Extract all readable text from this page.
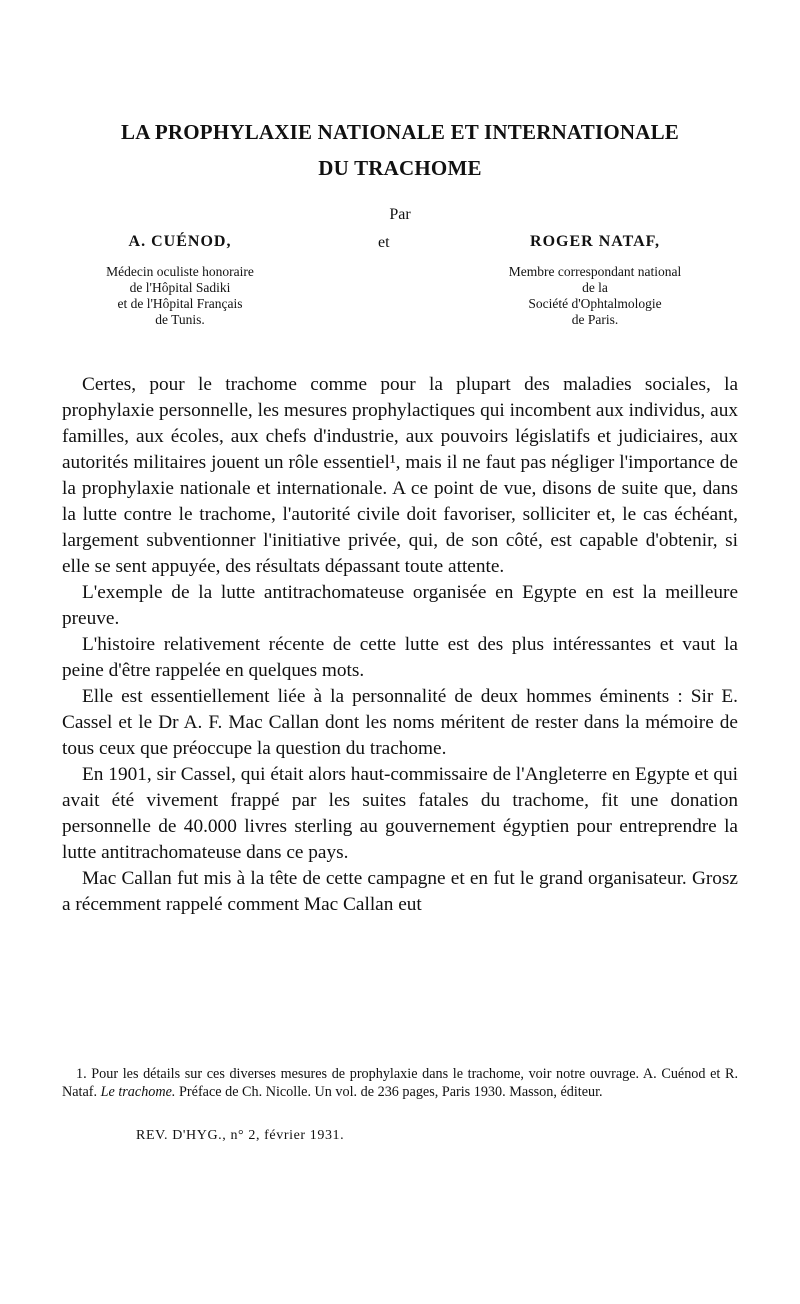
LA PROPHYLAXIE NATIONALE ET INTERNATIONALE
DU TRACHOME
Par
A. CUÉNOD,
Médecin oculiste honoraire
de l'Hôpital Sadiki
et de l'Hôpital Français
de Tunis.
et	ROGER NATAF,
Membre correspondant national
de la
Société d'Ophtalmologie
de Paris.

Certes, pour le trachome comme pour la plupart des maladies sociales, la prophylaxie personnelle, les mesures prophylactiques qui incombent aux individus, aux familles, aux écoles, aux chefs d'industrie, aux pouvoirs législatifs et judiciaires, aux autorités militaires jouent un rôle essentiel¹, mais il ne faut pas négliger l'importance de la prophylaxie nationale et internationale. A ce point de vue, disons de suite que, dans la lutte contre le trachome, l'autorité civile doit favoriser, solliciter et, le cas échéant, largement subventionner l'initiative privée, qui, de son côté, est capable d'obtenir, si elle se sent appuyée, des résultats dépassant toute attente.

L'exemple de la lutte antitrachomateuse organisée en Egypte en est la meilleure preuve.

L'histoire relativement récente de cette lutte est des plus intéressantes et vaut la peine d'être rappelée en quelques mots.

Elle est essentiellement liée à la personnalité de deux hommes éminents : Sir E. Cassel et le Dr A. F. Mac Callan dont les noms méritent de rester dans la mémoire de tous ceux que préoccupe la question du trachome.

En 1901, sir Cassel, qui était alors haut-commissaire de l'Angleterre en Egypte et qui avait été vivement frappé par les suites fatales du trachome, fit une donation personnelle de 40.000 livres sterling au gouvernement égyptien pour entreprendre la lutte antitrachomateuse dans ce pays.

Mac Callan fut mis à la tête de cette campagne et en fut le grand organisateur. Grosz a récemment rappelé comment Mac Callan eut

1. Pour les détails sur ces diverses mesures de prophylaxie dans le trachome, voir notre ouvrage. A. Cuénod et R. Nataf. Le trachome. Préface de Ch. Nicolle. Un vol. de 236 pages, Paris 1930. Masson, éditeur.

REV. D'HYG., n° 2, février 1931.
